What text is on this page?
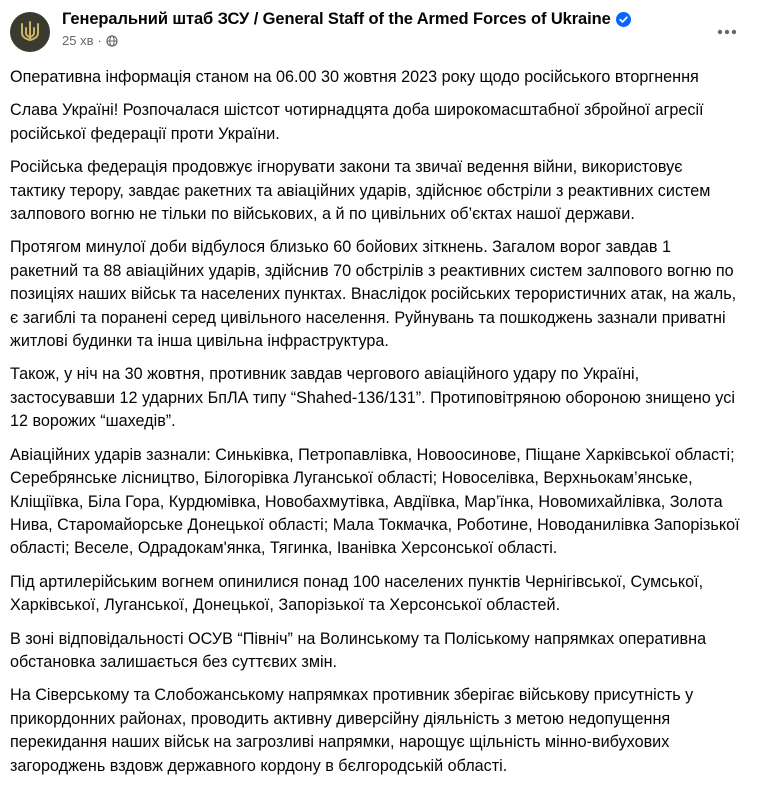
Генеральний штаб ЗСУ / General Staff of the Armed Forces of Ukraine
25 хв ·

Оперативна інформація станом на 06.00 30 жовтня 2023 року щодо російського вторгнення

Слава Україні! Розпочалася шістсот чотирнадцята доба широкомасштабної збройної агресії російської федерації проти України.

Російська федерація продовжує ігнорувати закони та звичаї ведення війни, використовує тактику терору, завдає ракетних та авіаційних ударів, здійснює обстріли з реактивних систем залпового вогню не тільки по військових, а й по цивільних об’єктах нашої держави.

Протягом минулої доби відбулося близько 60 бойових зіткнень. Загалом ворог завдав 1 ракетний та 88 авіаційних ударів, здійснив 70 обстрілів з реактивних систем залпового вогню по позиціях наших військ та населених пунктах. Внаслідок російських терористичних атак, на жаль, є загиблі та поранені серед цивільного населення. Руйнувань та пошкоджень зазнали приватні житлові будинки та інша цивільна інфраструктура.

Також, у ніч на 30 жовтня, противник завдав чергового авіаційного удару по Україні, застосувавши 12 ударних БпЛА типу “Shahed-136/131”. Протиповітряною обороною знищено усі 12 ворожих “шахедів”.

Авіаційних ударів зазнали: Синьківка, Петропавлівка, Новоосинове, Піщане Харківської області; Серебрянське лісництво, Білогорівка Луганської області; Новоселівка, Верхньокам’янське, Кліщіївка, Біла Гора, Курдюмівка, Новобахмутівка, Авдіївка, Мар’їнка, Новомихайлівка, Золота Нива, Старомайорське Донецької області; Мала Токмачка, Роботине, Новоданилівка Запорізької області; Веселе, Одрадокам'янка, Тягинка, Іванівка Херсонської області.

Під артилерійським вогнем опинилися понад 100 населених пунктів Чернігівської, Сумської, Харківської, Луганської, Донецької, Запорізької та Херсонської областей.

В зоні відповідальності ОСУВ “Північ” на Волинському та Поліському напрямках оперативна обстановка залишається без суттєвих змін.

На Сіверському та Слобожанському напрямках противник зберігає військову присутність у прикордонних районах, проводить активну диверсійну діяльність з метою недопущення перекидання наших військ на загрозливі напрямки, нарощує щільність мінно-вибухових загороджень вздовж державного кордону в бєлгородській області.
